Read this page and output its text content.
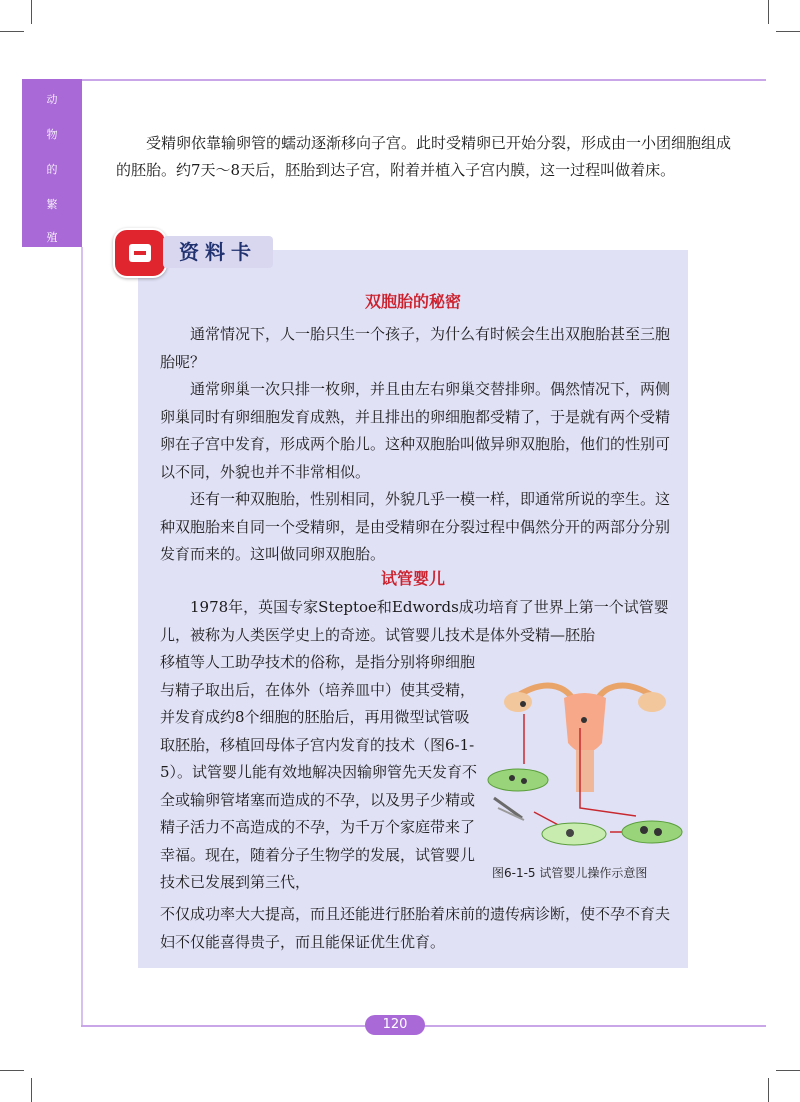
动
物
的
繁
殖

受精卵依靠输卵管的蠕动逐渐移向子宫。此时受精卵已开始分裂，形成由一小团细胞组成的胚胎。约7天～8天后，胚胎到达子宫，附着并植入子宫内膜，这一过程叫做着床。

资料卡
双胞胎的秘密

通常情况下，人一胎只生一个孩子，为什么有时候会生出双胞胎甚至三胞胎呢？

通常卵巢一次只排一枚卵，并且由左右卵巢交替排卵。偶然情况下，两侧卵巢同时有卵细胞发育成熟，并且排出的卵细胞都受精了，于是就有两个受精卵在子宫中发育，形成两个胎儿。这种双胞胎叫做异卵双胞胎，他们的性别可以不同，外貌也并不非常相似。

还有一种双胞胎，性别相同，外貌几乎一模一样，即通常所说的孪生。这种双胞胎来自同一个受精卵，是由受精卵在分裂过程中偶然分开的两部分分别发育而来的。这叫做同卵双胞胎。

试管婴儿

1978年，英国专家Steptoe和Edwords成功培育了世界上第一个试管婴儿，被称为人类医学史上的奇迹。试管婴儿技术是体外受精—胚胎

移植等人工助孕技术的俗称，是指分别将卵细胞与精子取出后，在体外（培养皿中）使其受精，并发育成约8个细胞的胚胎后，再用微型试管吸取胚胎，移植回母体子宫内发育的技术（图6-1-5）。试管婴儿能有效地解决因输卵管先天发育不全或输卵管堵塞而造成的不孕，以及男子少精或精子活力不高造成的不孕，为千万个家庭带来了幸福。现在，随着分子生物学的发展，试管婴儿技术已发展到第三代，

不仅成功率大大提高，而且还能进行胚胎着床前的遗传病诊断，使不孕不育夫妇不仅能喜得贵子，而且能保证优生优育。

图6-1-5 试管婴儿操作示意图
120
